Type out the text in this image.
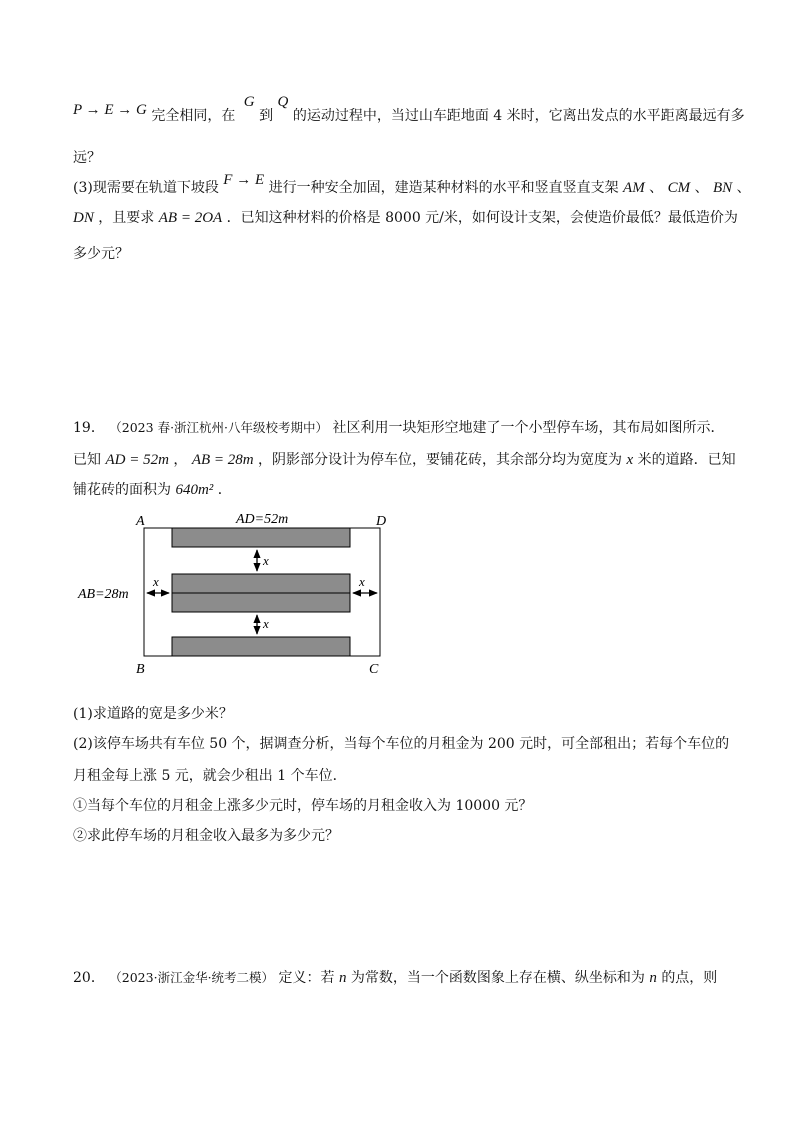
P → E → G 完全相同，在 G 到 Q 的运动过程中，当过山车距地面 4 米时，它离出发点的水平距离最远有多
远？
(3)现需要在轨道下坡段 F → E 进行一种安全加固，建造某种材料的水平和竖直竖直支架 AM 、 CM 、 BN 、
DN ，且要求 AB = 2OA ．已知这种材料的价格是 8000 元/米，如何设计支架，会使造价最低？最低造价为
多少元？
19． （2023 春·浙江杭州·八年级校考期中） 社区利用一块矩形空地建了一个小型停车场，其布局如图所示．
已知 AD = 52m ， AB = 28m ，阴影部分设计为停车位，要铺花砖，其余部分均为宽度为 x 米的道路．已知
铺花砖的面积为 640m² ．
A	D
B	C
AD=52m
AB=28m
x
x
x	x
(1)求道路的宽是多少米？
(2)该停车场共有车位 50 个，据调查分析，当每个车位的月租金为 200 元时，可全部租出；若每个车位的
月租金每上涨 5 元，就会少租出 1 个车位．
①当每个车位的月租金上涨多少元时，停车场的月租金收入为 10000 元？
②求此停车场的月租金收入最多为多少元？
20． （2023·浙江金华·统考二模） 定义：若 n 为常数，当一个函数图象上存在横、纵坐标和为 n 的点，则
